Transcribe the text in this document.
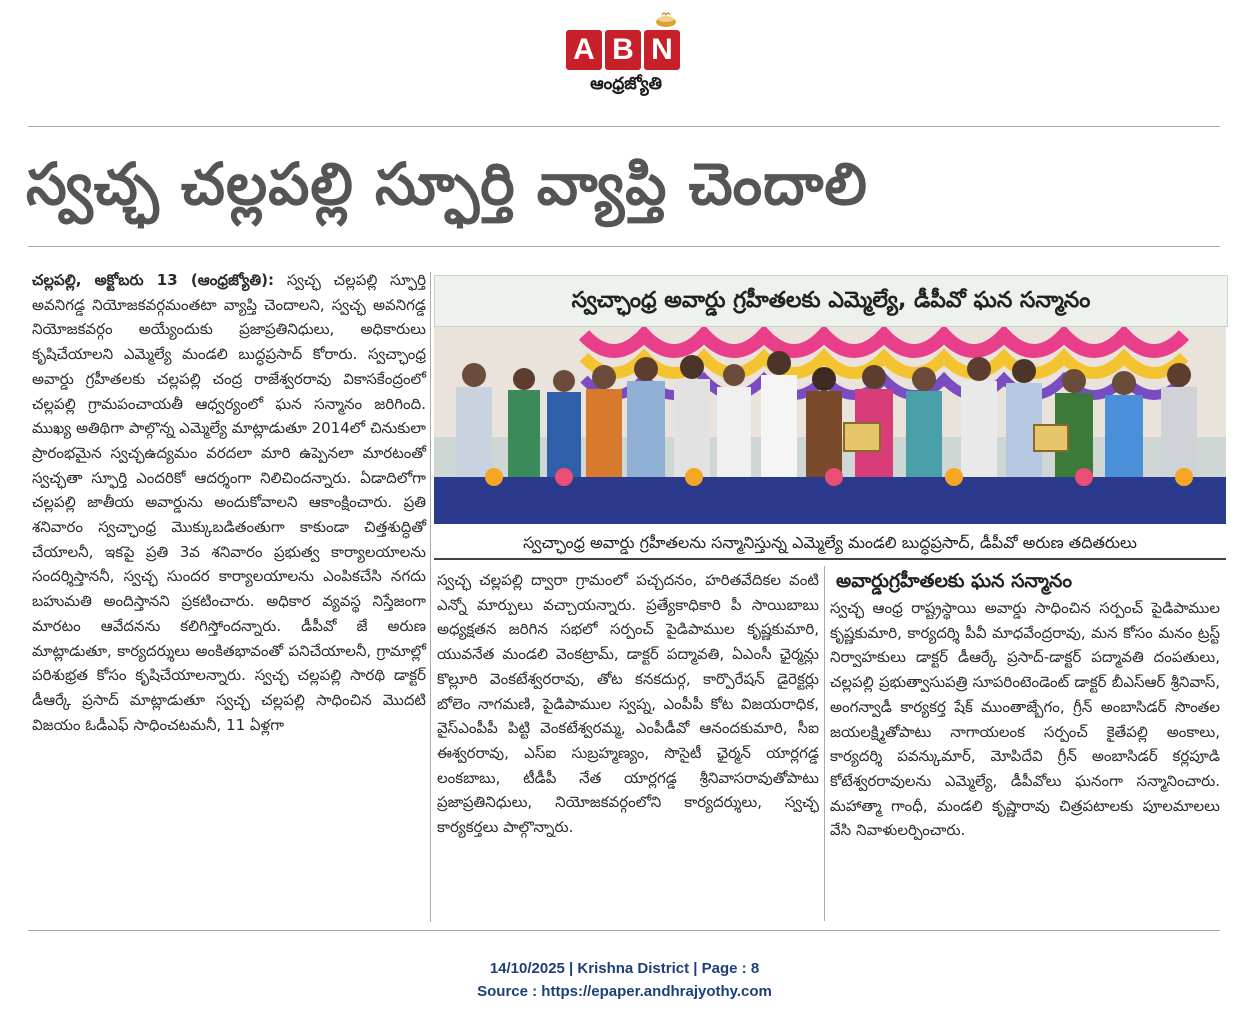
A B N
ఆంధ్రజ్యోతి
స్వచ్ఛ చల్లపల్లి స్ఫూర్తి వ్యాప్తి చెందాలి

చల్లపల్లి, అక్టోబరు 13 (ఆంధ్రజ్యోతి): స్వచ్ఛ చల్లపల్లి స్ఫూర్తి అవనిగడ్డ నియోజకవర్గమంతటా వ్యాప్తి చెందాలని, స్వచ్ఛ అవనిగడ్డ నియోజకవర్గం అయ్యేందుకు ప్రజాప్రతినిధులు, అధికారులు కృషిచేయాలని ఎమ్మెల్యే మండలి బుద్ధప్రసాద్ కోరారు. స్వచ్ఛాంధ్ర అవార్డు గ్రహీతలకు చల్లపల్లి చంద్ర రాజేశ్వరరావు వికాసకేంద్రంలో చల్లపల్లి గ్రామపంచాయతీ ఆధ్వర్యంలో ఘన సన్మానం జరిగింది. ముఖ్య అతిథిగా పాల్గొన్న ఎమ్మెల్యే మాట్లాడుతూ 2014లో చినుకులా ప్రారంభమైన స్వచ్ఛఉద్యమం వరదలా మారి ఉప్పెనలా మారటంతో స్వచ్ఛతా స్ఫూర్తి ఎందరికో ఆదర్శంగా నిలిచిందన్నారు. ఏడాదిలోగా చల్లపల్లి జాతీయ అవార్డును అందుకోవాలని ఆకాంక్షించారు. ప్రతి శనివారం స్వచ్ఛాంధ్ర మొక్కుబడితంతుగా కాకుండా చిత్తశుద్ధితో చేయాలనీ, ఇకపై ప్రతి 3వ శనివారం ప్రభుత్వ కార్యాలయాలను సందర్శిస్తాననీ, స్వచ్ఛ సుందర కార్యాలయాలను ఎంపికచేసి నగదు బహుమతి అందిస్తానని ప్రకటించారు. అధికార వ్యవస్థ నిస్తేజంగా మారటం ఆవేదనను కలిగిస్తోందన్నారు. డీపీవో జే అరుణ మాట్లాడుతూ, కార్యదర్శులు అంకితభావంతో పనిచేయాలనీ, గ్రామాల్లో పరిశుభ్రత కోసం కృషిచేయాలన్నారు. స్వచ్ఛ చల్లపల్లి సారథి డాక్టర్ డీఆర్కే ప్రసాద్ మాట్లాడుతూ స్వచ్ఛ చల్లపల్లి సాధించిన మొదటి విజయం ఓడీఎఫ్ సాధించటమనీ, 11 ఏళ్లగా

స్వచ్ఛాంధ్ర అవార్డు గ్రహీతలకు ఎమ్మెల్యే, డీపీవో ఘన సన్మానం
స్వచ్ఛాంధ్ర అవార్డు గ్రహీతలను సన్మానిస్తున్న ఎమ్మెల్యే మండలి బుద్ధప్రసాద్, డీపీవో అరుణ తదితరులు

స్వచ్ఛ చల్లపల్లి ద్వారా గ్రామంలో పచ్చదనం, హరితవేదికల వంటి ఎన్నో మార్పులు వచ్చాయన్నారు. ప్రత్యేకాధికారి పీ సాయిబాబు అధ్యక్షతన జరిగిన సభలో సర్పంచ్ పైడిపాముల కృష్ణకుమారి, యువనేత మండలి వెంకట్రామ్, డాక్టర్ పద్మావతి, ఏఎంసీ ఛైర్మన్లు కొల్లూరి వెంకటేశ్వరరావు, తోట కనకదుర్గ, కార్పొరేషన్ డైరెక్టర్లు బోలెం నాగమణి, పైడిపాముల స్వప్న, ఎంపీపీ కోట విజయరాధిక, వైస్ఎంపీపీ పిట్టి వెంకటేశ్వరమ్మ, ఎంపీడీవో ఆనందకుమారి, సీఐ ఈశ్వరరావు, ఎస్ఐ సుబ్రహ్మణ్యం, సొసైటీ ఛైర్మన్ యార్లగడ్డ లంకబాబు, టీడీపీ నేత యార్లగడ్డ శ్రీనివాసరావుతోపాటు ప్రజాప్రతినిధులు, నియోజకవర్గంలోని కార్యదర్శులు, స్వచ్ఛ కార్యకర్తలు పాల్గొన్నారు.

అవార్డుగ్రహీతలకు ఘన సన్మానం

స్వచ్ఛ ఆంధ్ర రాష్ట్రస్థాయి అవార్డు సాధించిన సర్పంచ్ పైడిపాముల కృష్ణకుమారి, కార్యదర్శి పీవీ మాధవేంద్రరావు, మన కోసం మనం ట్రస్ట్ నిర్వాహకులు డాక్టర్ డీఆర్కే ప్రసాద్-డాక్టర్ పద్మావతి దంపతులు, చల్లపల్లి ప్రభుత్వాసుపత్రి సూపరింటెండెంట్ డాక్టర్ బీఎస్ఆర్ శ్రీనివాస్, అంగన్వాడీ కార్యకర్త షేక్ ముంతాజ్బేగం, గ్రీన్ అంబాసిడర్ సొంతల జయలక్ష్మితోపాటు నాగాయలంక సర్పంచ్ కైతేపల్లి అంకాలు, కార్యదర్శి పవన్కుమార్, మోపిదేవి గ్రీన్ అంబాసిడర్ కర్లపూడి కోటేశ్వరరావులను ఎమ్మెల్యే, డీపీవోలు ఘనంగా సన్మానించారు. మహాత్మా గాంధీ, మండలి కృష్ణారావు చిత్రపటాలకు పూలమాలలు వేసి నివాళులర్పించారు.

14/10/2025 | Krishna District | Page : 8
Source : https://epaper.andhrajyothy.com
